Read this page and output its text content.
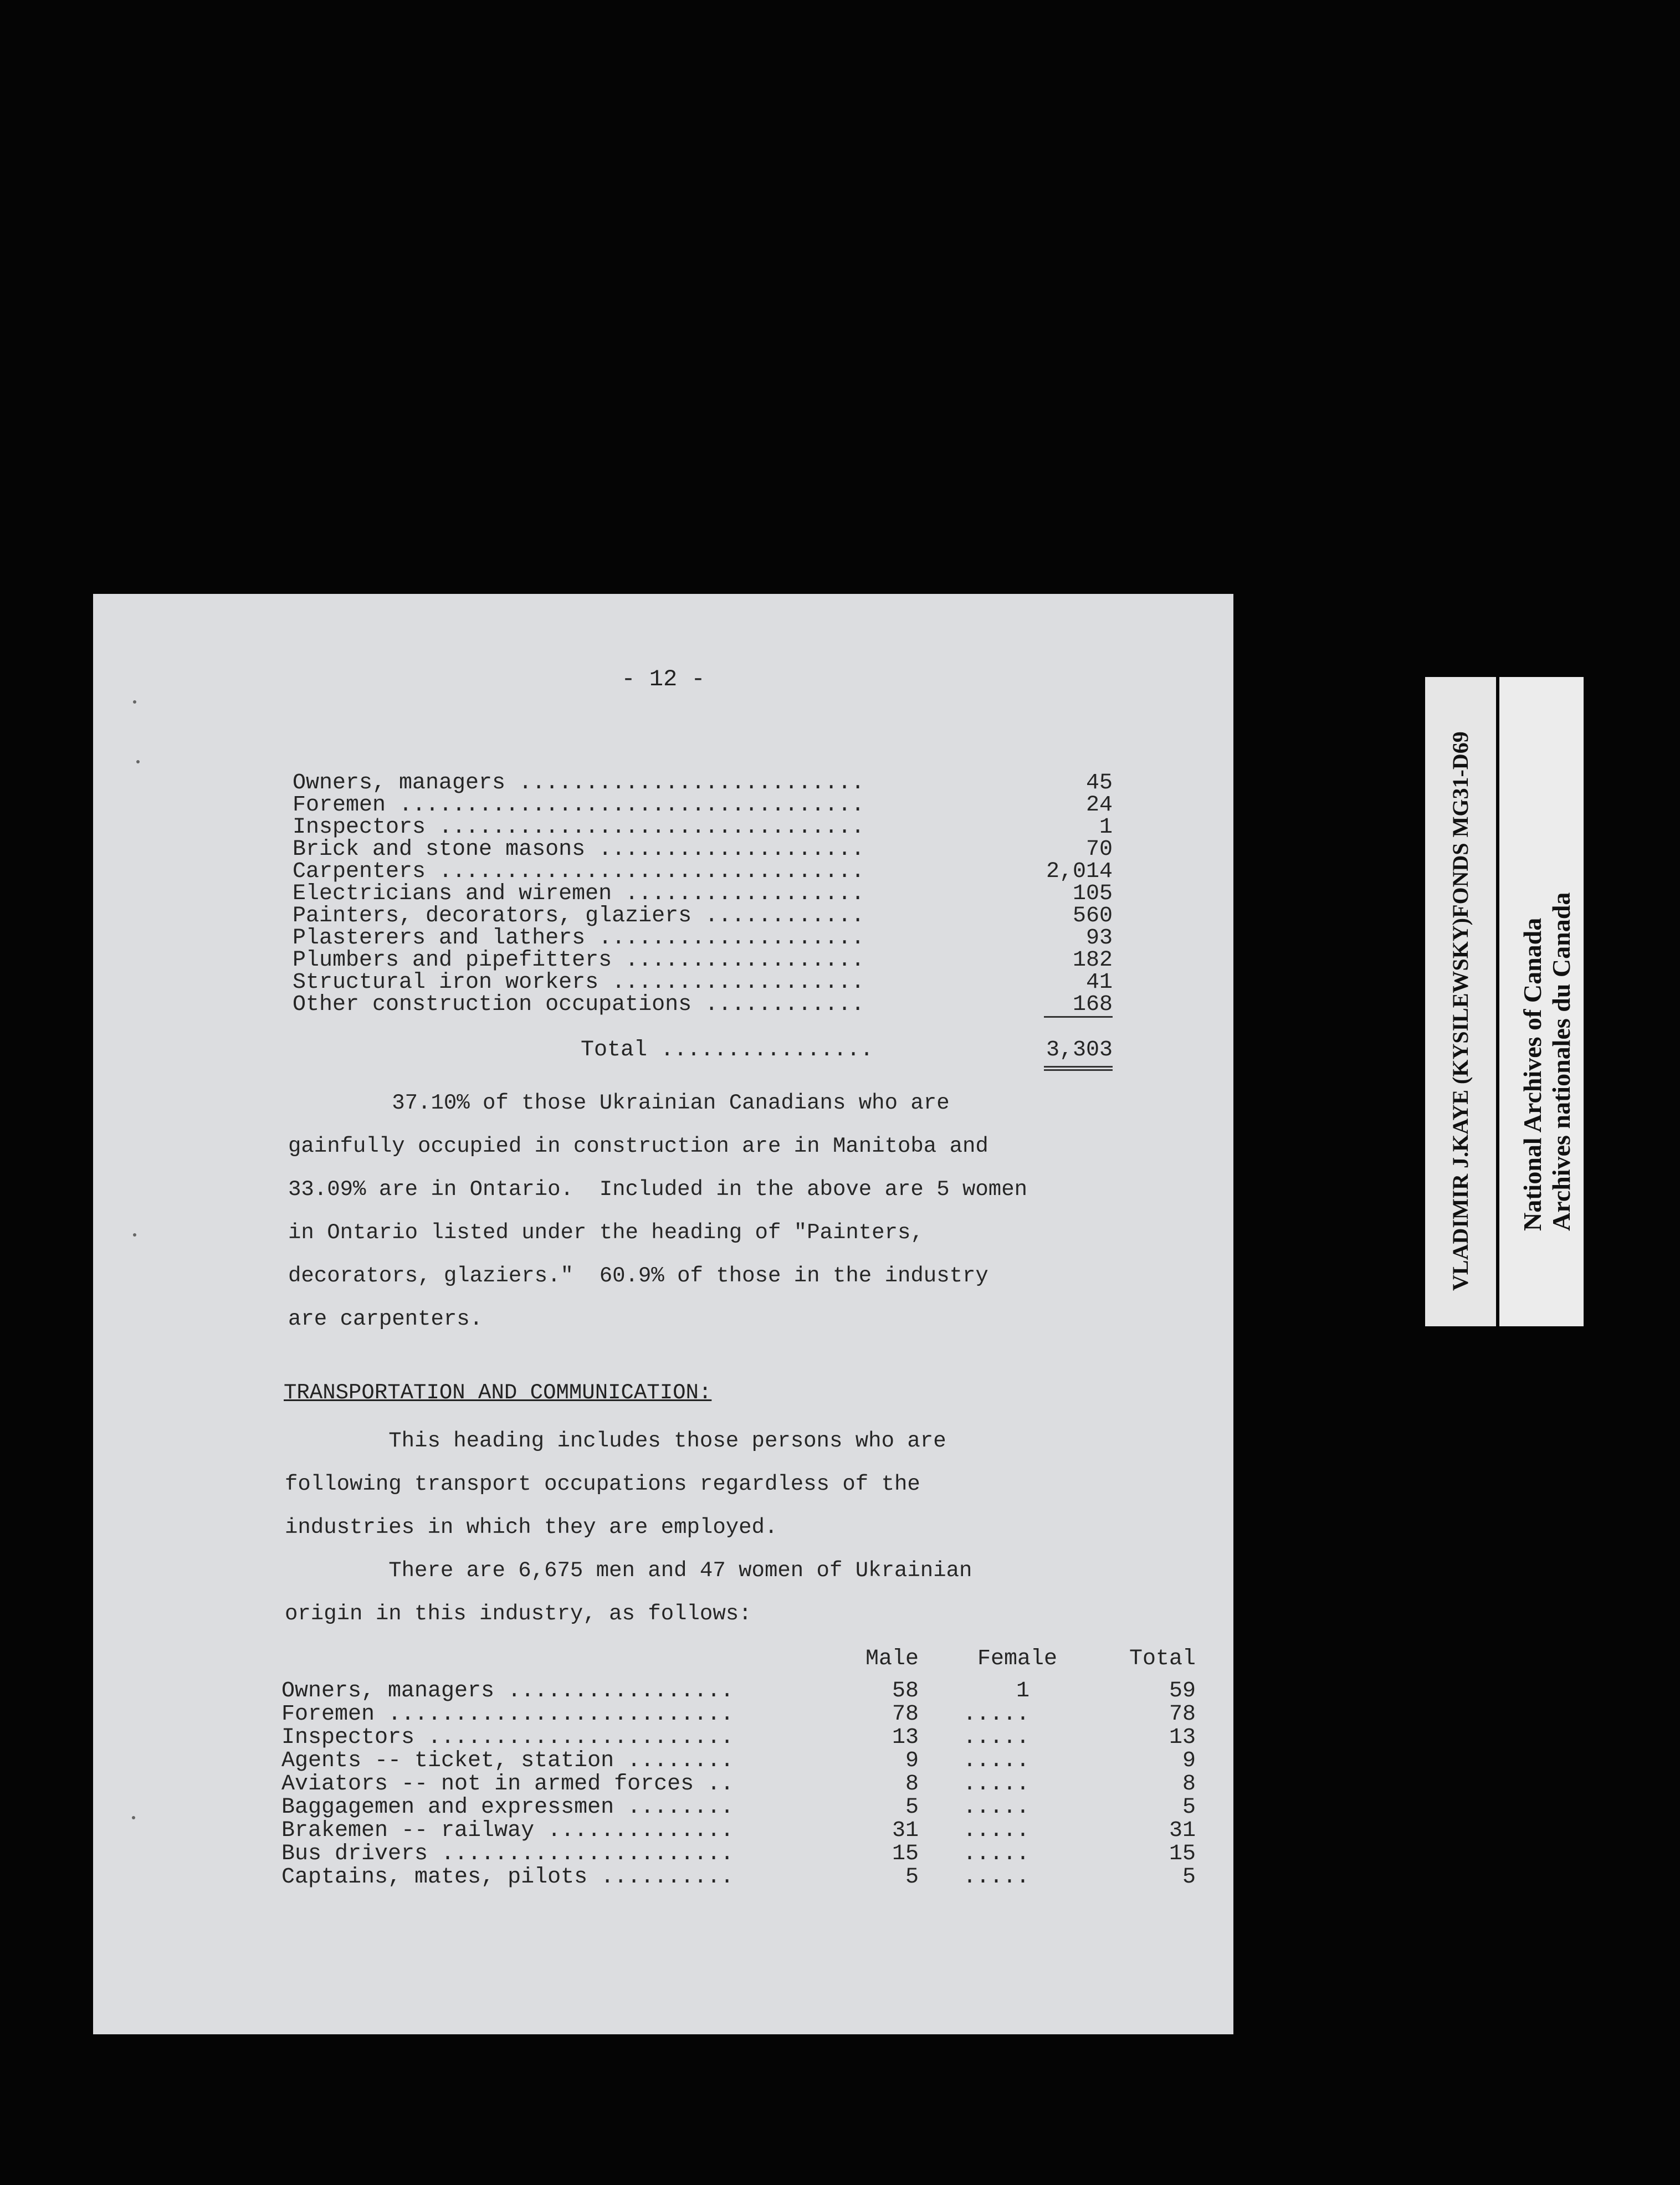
- 12 -
Owners, managers ..........................	45
Foremen ...................................	24
Inspectors ................................	1
Brick and stone masons ....................	70
Carpenters ................................	2,014
Electricians and wiremen ..................	105
Painters, decorators, glaziers ............	560
Plasterers and lathers ....................	93
Plumbers and pipefitters ..................	182
Structural iron workers ...................	41
Other construction occupations ............	168
Total ................	3,303
37.10% of those Ukrainian Canadians who are
gainfully occupied in construction are in Manitoba and
33.09% are in Ontario.  Included in the above are 5 women
in Ontario listed under the heading of "Painters,
decorators, glaziers."  60.9% of those in the industry
are carpenters.
TRANSPORTATION AND COMMUNICATION:
This heading includes those persons who are
following transport occupations regardless of the
industries in which they are employed.
There are 6,675 men and 47 women of Ukrainian
origin in this industry, as follows:
Male	Female	Total
Owners, managers .................	58	1	59
Foremen ..........................	78 .....	78
Inspectors .......................	13 .....	13
Agents -- ticket, station ........	9 .....	9
Aviators -- not in armed forces ..	8 .....	8
Baggagemen and expressmen ........	5 .....	5
Brakemen -- railway ..............	31 .....	31
Bus drivers ......................	15 .....	15
Captains, mates, pilots ..........	5 .....	5
VLADIMIR J.KAYE (KYSILEWSKY)FONDS MG31-D69 National Archives of Canada Archives nationales du Canada
